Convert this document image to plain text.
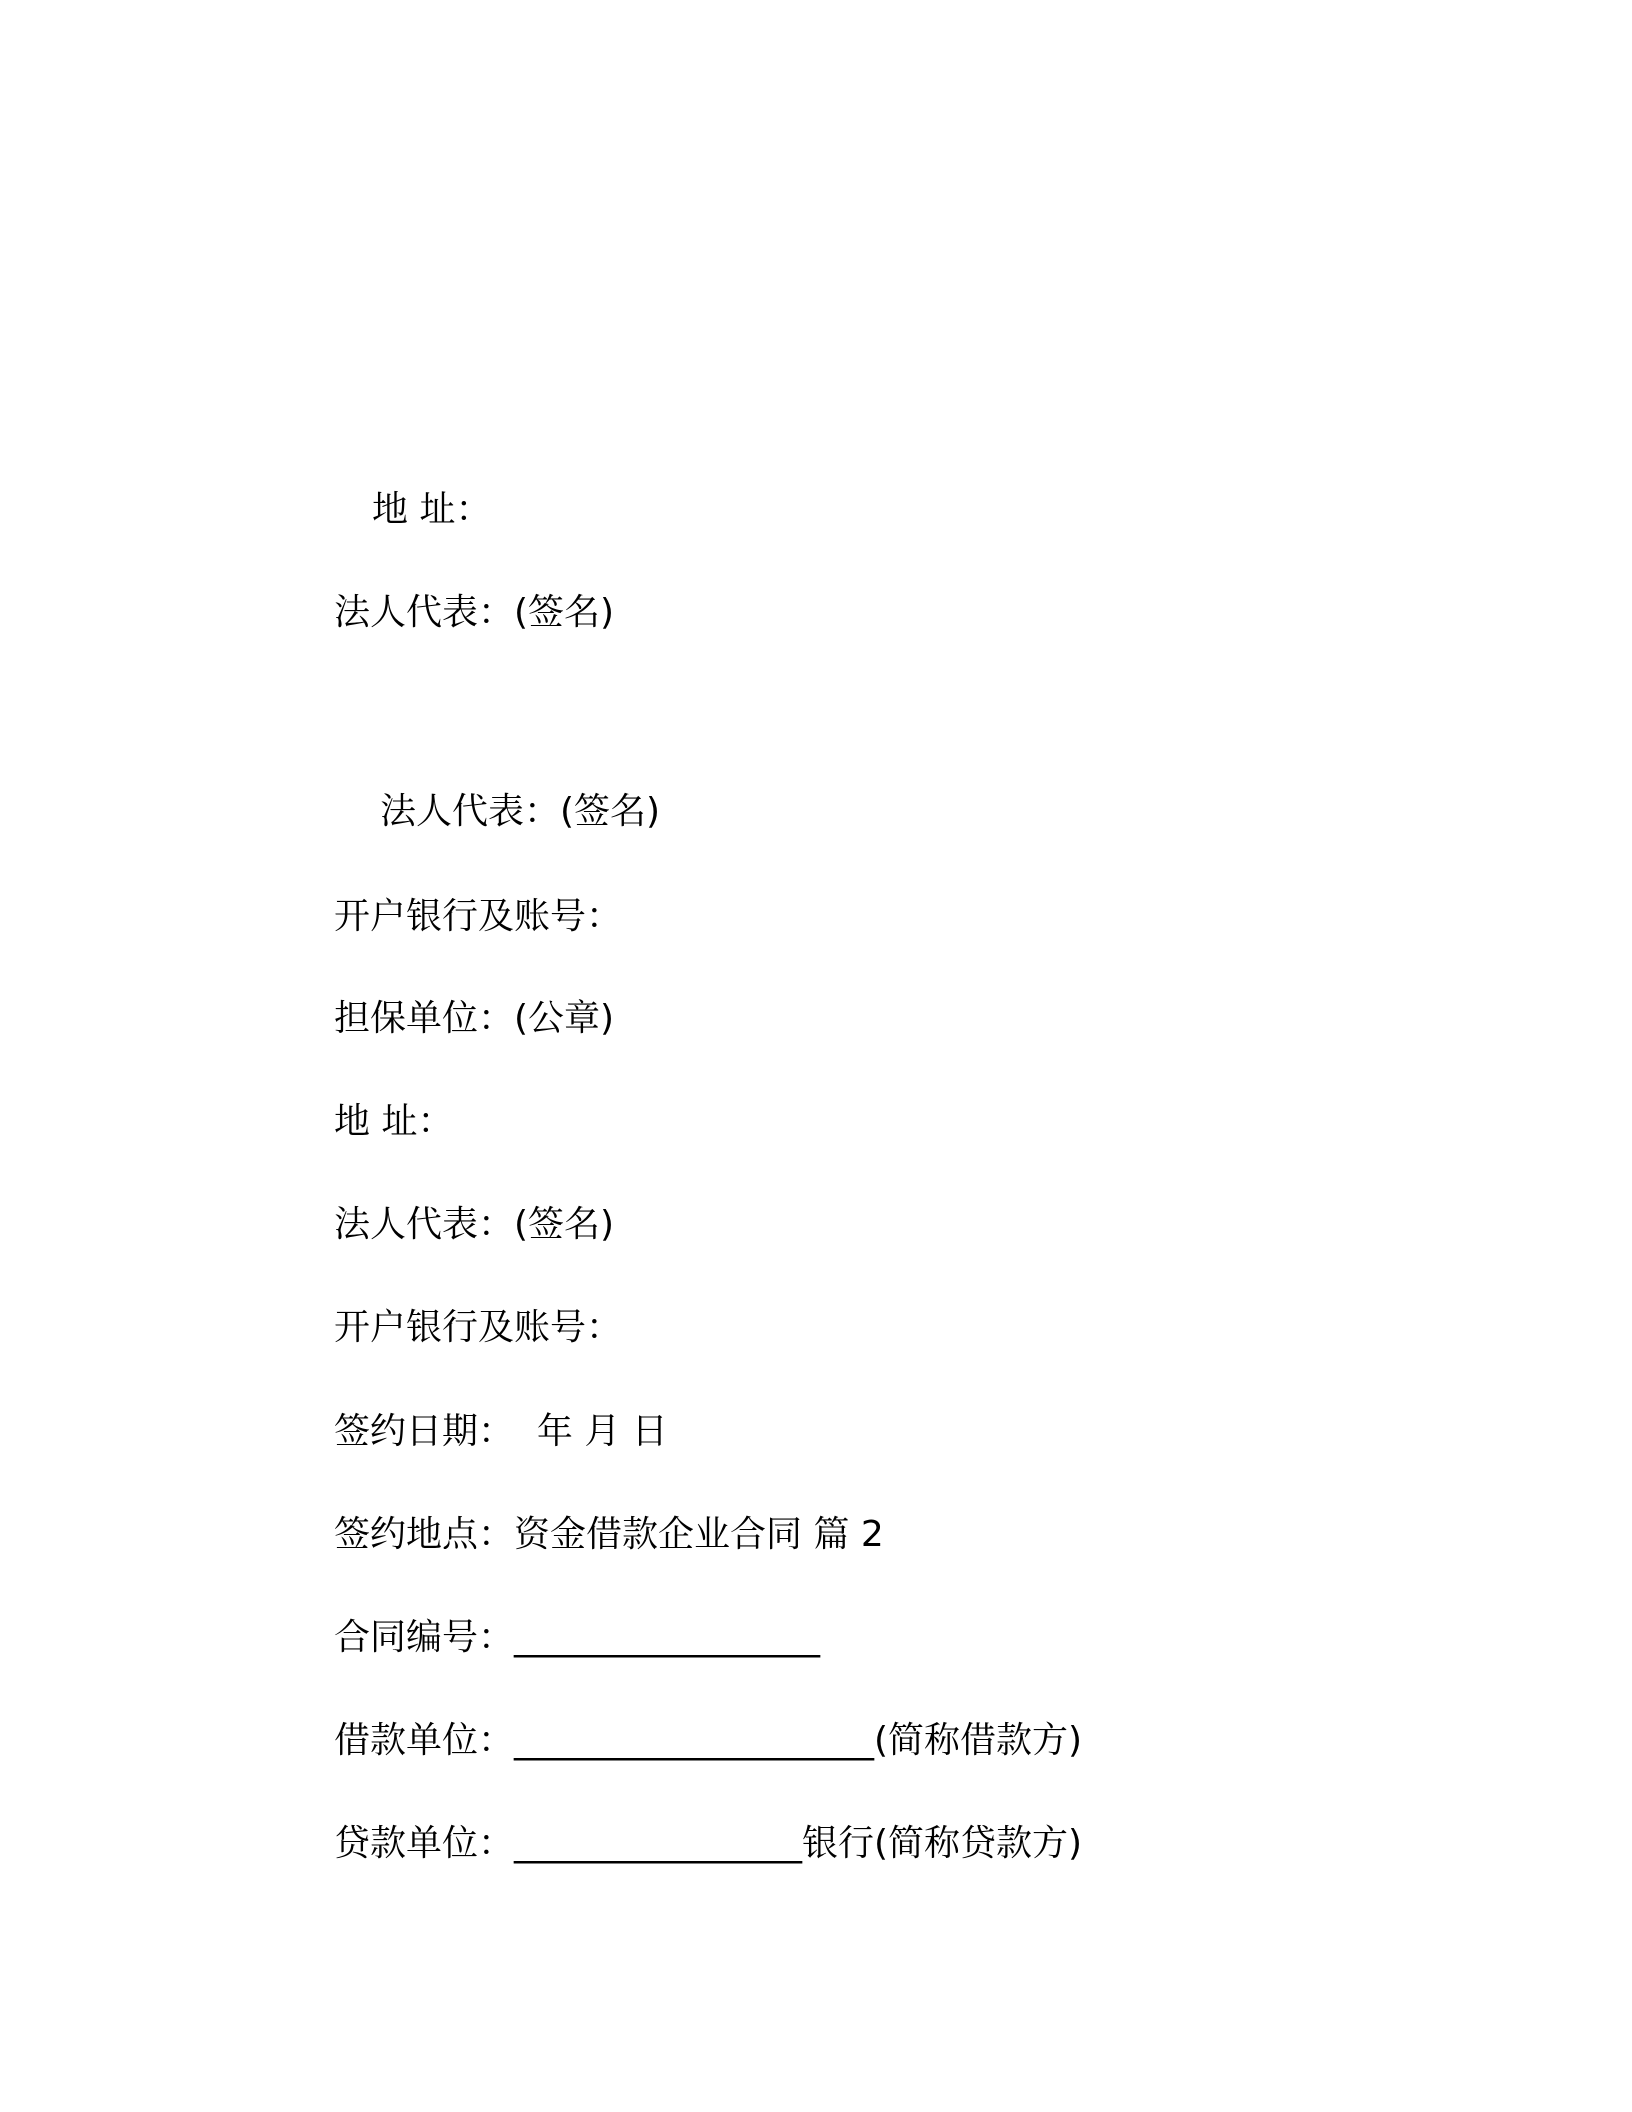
地 址：
法人代表：(签名)
法人代表：(签名)
开户银行及账号：
担保单位：(公章)
地 址：
法人代表：(签名)
开户银行及账号：
签约日期：  年 月 日
签约地点：资金借款企业合同 篇 2
合同编号：_________________
借款单位：____________________(简称借款方)
贷款单位：________________银行(简称贷款方)
